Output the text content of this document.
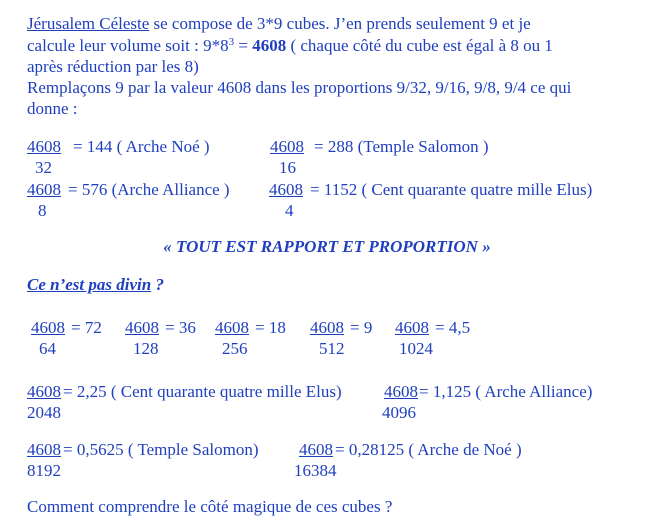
Jérusalem Céleste se compose de 3*9 cubes. J’en prends seulement 9 et je
calcule leur volume soit : $9*8^3 = 4608$ ( chaque côté du cube est égal à 8 ou 1
après réduction par les 8)
Remplaçons 9 par la valeur 4608 dans les proportions 9/32, 9/16, 9/8, 9/4 ce qui
donne :
4608 = 144 ( Arche Noé )
32
4608 = 288 (Temple Salomon )
16
4608 = 576 (Arche Alliance )
8
4608 = 1152 ( Cent quarante quatre mille Elus)
4
« TOUT EST RAPPORT ET PROPORTION »
Ce n’est pas divin ?
4608 = 72
64
4608 = 36
128
4608 = 18
256
4608 = 9
512
4608 = 4,5
1024
4608 = 2,25 ( Cent quarante quatre mille Elus)
2048
4608 = 1,125 ( Arche Alliance)
4096
4608 = 0,5625 ( Temple Salomon)
8192
4608 = 0,28125 ( Arche de Noé )
16384
Comment comprendre le côté magique de ces cubes ?
